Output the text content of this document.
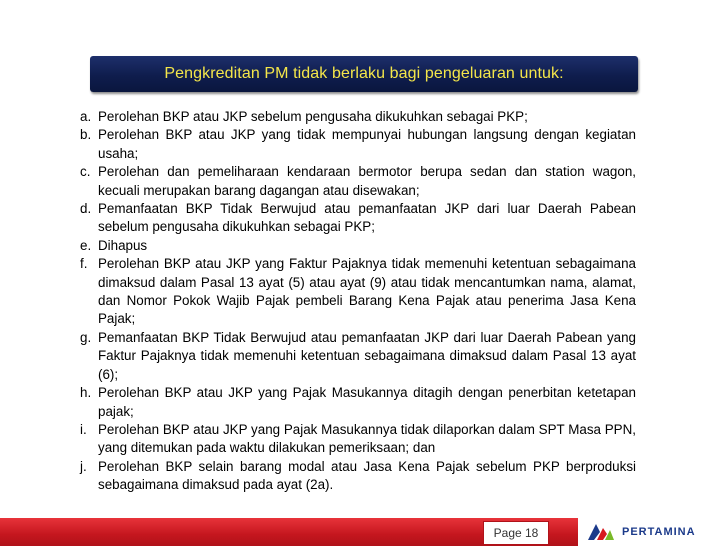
Pengkreditan PM tidak berlaku bagi pengeluaran untuk:
a. Perolehan BKP atau JKP sebelum pengusaha dikukuhkan sebagai PKP;
b. Perolehan BKP atau JKP yang tidak mempunyai hubungan langsung dengan kegiatan usaha;
c. Perolehan dan pemeliharaan kendaraan bermotor berupa sedan dan station wagon, kecuali merupakan barang dagangan atau disewakan;
d. Pemanfaatan BKP Tidak Berwujud atau pemanfaatan JKP dari luar Daerah Pabean sebelum pengusaha dikukuhkan sebagai PKP;
e. Dihapus
f. Perolehan BKP atau JKP yang Faktur Pajaknya tidak memenuhi ketentuan sebagaimana dimaksud dalam Pasal 13 ayat (5) atau ayat (9) atau tidak mencantumkan nama, alamat, dan Nomor Pokok Wajib Pajak pembeli Barang Kena Pajak atau penerima Jasa Kena Pajak;
g. Pemanfaatan BKP Tidak Berwujud atau pemanfaatan JKP dari luar Daerah Pabean yang Faktur Pajaknya tidak memenuhi ketentuan sebagaimana dimaksud dalam Pasal 13 ayat (6);
h. Perolehan BKP atau JKP yang Pajak Masukannya ditagih dengan penerbitan ketetapan pajak;
i. Perolehan BKP atau JKP yang Pajak Masukannya tidak dilaporkan dalam SPT Masa PPN, yang ditemukan pada waktu dilakukan pemeriksaan; dan
j. Perolehan BKP selain barang modal atau Jasa Kena Pajak sebelum PKP berproduksi sebagaimana dimaksud pada ayat (2a).
Page 18	PERTAMINA
